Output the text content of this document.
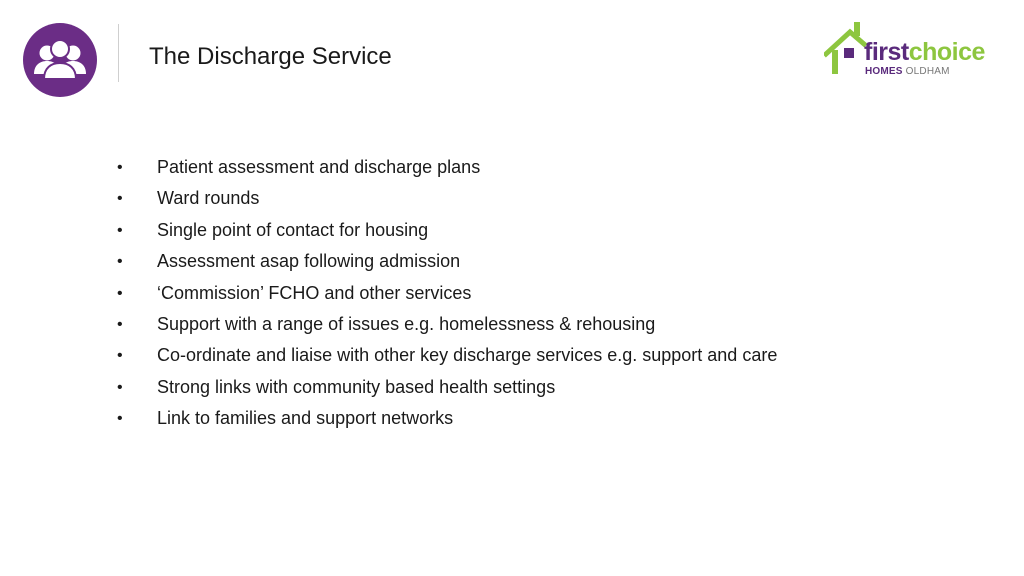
The Discharge Service	firstchoice
HOMES OLDHAM
• Patient assessment and discharge plans
• Ward rounds
• Single point of contact for housing
• Assessment asap following admission
• ‘Commission’ FCHO and other services
• Support with a range of issues e.g. homelessness & rehousing
• Co-ordinate and liaise with other key discharge services e.g. support and care
• Strong links with community based health settings
• Link to families and support networks
